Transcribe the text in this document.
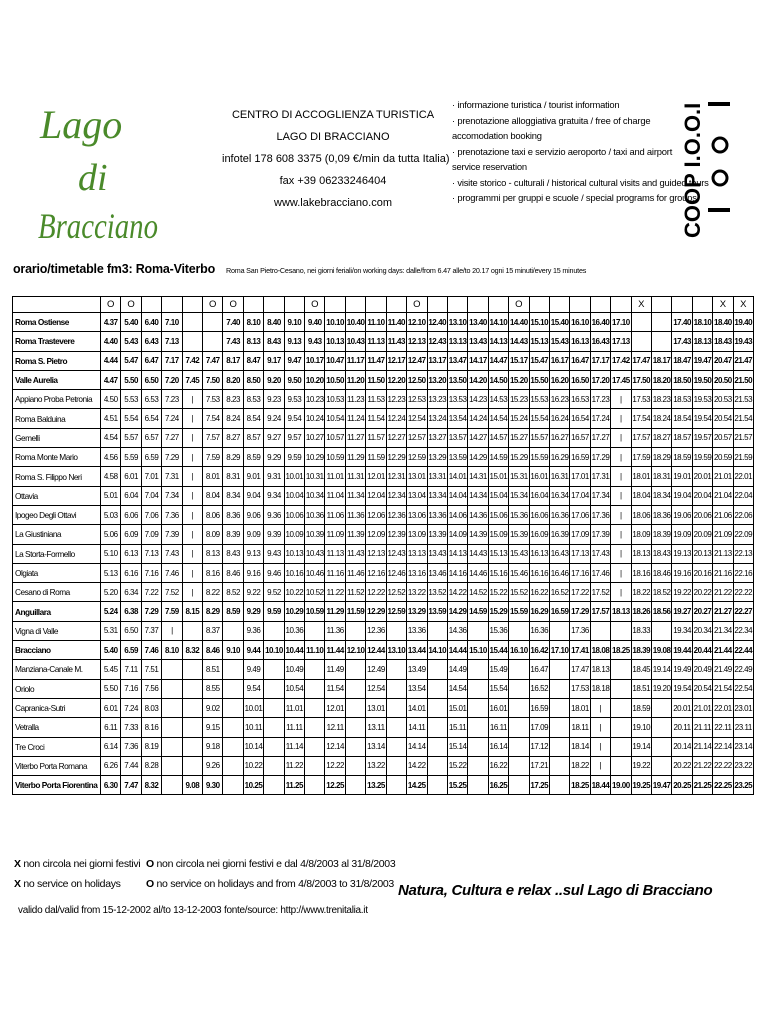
Lago
di
Bracciano
CENTRO DI ACCOGLIENZA TURISTICA
LAGO DI BRACCIANO
infotel 178 608 3375 (0,09 €/min da tutta Italia)
fax +39 06233246404
www.lakebracciano.com
· informazione turistica / tourist information
· prenotazione alloggiativa gratuita / free of charge
accomodation booking
· prenotazione taxi e servizio aeroporto / taxi and airport
service reservation
· visite storico - culturali / historical cultural visits and guided tours
· programmi per gruppi e scuole / special programs for groups
COOP I.O.O.I
orario/timetable fm3: Roma-Viterbo Roma San Pietro-Cesano, nei giorni feriali/on working days: dalle/from 6.47 alle/to 20.17 ogni 15 minuti/every 15 minutes
	O	O				O	O				O					O					O						X				X	X
Roma Ostiense	4.37	5.40	6.40	7.10			7.40	8.10	8.40	9.10	9.40	10.10	10.40	11.10	11.40	12.10	12.40	13.10	13.40	14.10	14.40	15.10	15.40	16.10	16.40	17.10			17.40	18.10	18.40	19.40
Roma Trastevere	4.40	5.43	6.43	7.13			7.43	8.13	8.43	9.13	9.43	10.13	10.43	11.13	11.43	12.13	12.43	13.13	13.43	14.13	14.43	15.13	15.43	16.13	16.43	17.13			17.43	18.13	18.43	19.43
Roma S. Pietro	4.44	5.47	6.47	7.17	7.42	7.47	8.17	8.47	9.17	9.47	10.17	10.47	11.17	11.47	12.17	12.47	13.17	13.47	14.17	14.47	15.17	15.47	16.17	16.47	17.17	17.42	17.47	18.17	18.47	19.47	20.47	21.47
Valle Aurelia	4.47	5.50	6.50	7.20	7.45	7.50	8.20	8.50	9.20	9.50	10.20	10.50	11.20	11.50	12.20	12.50	13.20	13.50	14.20	14.50	15.20	15.50	16.20	16.50	17.20	17.45	17.50	18.20	18.50	19.50	20.50	21.50
Appiano Proba Petronia	4.50	5.53	6.53	7.23	|	7.53	8.23	8.53	9.23	9.53	10.23	10.53	11.23	11.53	12.23	12.53	13.23	13.53	14.23	14.53	15.23	15.53	16.23	16.53	17.23	|	17.53	18.23	18.53	19.53	20.53	21.53
Roma Balduina	4.51	5.54	6.54	7.24	|	7.54	8.24	8.54	9.24	9.54	10.24	10.54	11.24	11.54	12.24	12.54	13.24	13.54	14.24	14.54	15.24	15.54	16.24	16.54	17.24	|	17.54	18.24	18.54	19.54	20.54	21.54
Gemelli	4.54	5.57	6.57	7.27	|	7.57	8.27	8.57	9.27	9.57	10.27	10.57	11.27	11.57	12.27	12.57	13.27	13.57	14.27	14.57	15.27	15.57	16.27	16.57	17.27	|	17.57	18.27	18.57	19.57	20.57	21.57
Roma Monte Mario	4.56	5.59	6.59	7.29	|	7.59	8.29	8.59	9.29	9.59	10.29	10.59	11.29	11.59	12.29	12.59	13.29	13.59	14.29	14.59	15.29	15.59	16.29	16.59	17.29	|	17.59	18.29	18.59	19.59	20.59	21.59
Roma S. Filippo Neri	4.58	6.01	7.01	7.31	|	8.01	8.31	9.01	9.31	10.01	10.31	11.01	11.31	12.01	12.31	13.01	13.31	14.01	14.31	15.01	15.31	16.01	16.31	17.01	17.31	|	18.01	18.31	19.01	20.01	21.01	22.01
Ottavia	5.01	6.04	7.04	7.34	|	8.04	8.34	9.04	9.34	10.04	10.34	11.04	11.34	12.04	12.34	13.04	13.34	14.04	14.34	15.04	15.34	16.04	16.34	17.04	17.34	|	18.04	18.34	19.04	20.04	21.04	22.04
Ipogeo Degli Ottavi	5.03	6.06	7.06	7.36	|	8.06	8.36	9.06	9.36	10.06	10.36	11.06	11.36	12.06	12.36	13.06	13.36	14.06	14.36	15.06	15.36	16.06	16.36	17.06	17.36	|	18.06	18.36	19.06	20.06	21.06	22.06
La Giustiniana	5.06	6.09	7.09	7.39	|	8.09	8.39	9.09	9.39	10.09	10.39	11.09	11.39	12.09	12.39	13.09	13.39	14.09	14.39	15.09	15.39	16.09	16.39	17.09	17.39	|	18.09	18.39	19.09	20.09	21.09	22.09
La Storta-Formello	5.10	6.13	7.13	7.43	|	8.13	8.43	9.13	9.43	10.13	10.43	11.13	11.43	12.13	12.43	13.13	13.43	14.13	14.43	15.13	15.43	16.13	16.43	17.13	17.43	|	18.13	18.43	19.13	20.13	21.13	22.13
Olgiata	5.13	6.16	7.16	7.46	|	8.16	8.46	9.16	9.46	10.16	10.46	11.16	11.46	12.16	12.46	13.16	13.46	14.16	14.46	15.16	15.46	16.16	16.46	17.16	17.46	|	18.16	18.46	19.16	20.16	21.16	22.16
Cesano di Roma	5.20	6.34	7.22	7.52	|	8.22	8.52	9.22	9.52	10.22	10.52	11.22	11.52	12.22	12.52	13.22	13.52	14.22	14.52	15.22	15.52	16.22	16.52	17.22	17.52	|	18.22	18.52	19.22	20.22	21.22	22.22
Anguillara	5.24	6.38	7.29	7.59	8.15	8.29	8.59	9.29	9.59	10.29	10.59	11.29	11.59	12.29	12.59	13.29	13.59	14.29	14.59	15.29	15.59	16.29	16.59	17.29	17.57	18.13	18.26	18.56	19.27	20.27	21.27	22.27
Vigna di Valle	5.31	6.50	7.37	|		8.37		9.36		10.36		11.36		12.36		13.36		14.36		15.36		16.36		17.36			18.33		19.34	20.34	21.34	22.34
Bracciano	5.40	6.59	7.46	8.10	8.32	8.46	9.10	9.44	10.10	10.44	11.10	11.44	12.10	12.44	13.10	13.44	14.10	14.44	15.10	15.44	16.10	16.42	17.10	17.41	18.08	18.25	18.39	19.08	19.44	20.44	21.44	22.44
Manziana-Canale M.	5.45	7.11	7.51			8.51		9.49		10.49		11.49		12.49		13.49		14.49		15.49		16.47		17.47	18.13		18.45	19.14	19.49	20.49	21.49	22.49
Oriolo	5.50	7.16	7.56			8.55		9.54		10.54		11.54		12.54		13.54		14.54		15.54		16.52		17.53	18.18		18.51	19.20	19.54	20.54	21.54	22.54
Capranica-Sutri	6.01	7.24	8.03			9.02		10.01		11.01		12.01		13.01		14.01		15.01		16.01		16.59		18.01	|		18.59		20.01	21.01	22.01	23.01
Vetralla	6.11	7.33	8.16			9.15		10.11		11.11		12.11		13.11		14.11		15.11		16.11		17.09		18.11	|		19.10		20.11	21.11	22.11	23.11
Tre Croci	6.14	7.36	8.19			9.18		10.14		11.14		12.14		13.14		14.14		15.14		16.14		17.12		18.14	|		19.14		20.14	21.14	22.14	23.14
Viterbo Porta Romana	6.26	7.44	8.28			9.26		10.22		11.22		12.22		13.22		14.22		15.22		16.22		17.21		18.22	|		19.22		20.22	21.22	22.22	23.22
Viterbo Porta Fiorentina	6.30	7.47	8.32		9.08	9.30		10.25		11.25		12.25		13.25		14.25		15.25		16.25		17.25		18.25	18.44	19.00	19.25	19.47	20.25	21.25	22.25	23.25
X non circola nei giorni festivi
X no service on holidays
O non circola nei giorni festivi e dal 4/8/2003 al 31/8/2003
O no service on holidays and from 4/8/2003 to 31/8/2003
valido dal/valid from 15-12-2002 al/to 13-12-2003 fonte/source: http://www.trenitalia.it
Natura, Cultura e relax ..sul Lago di Bracciano
